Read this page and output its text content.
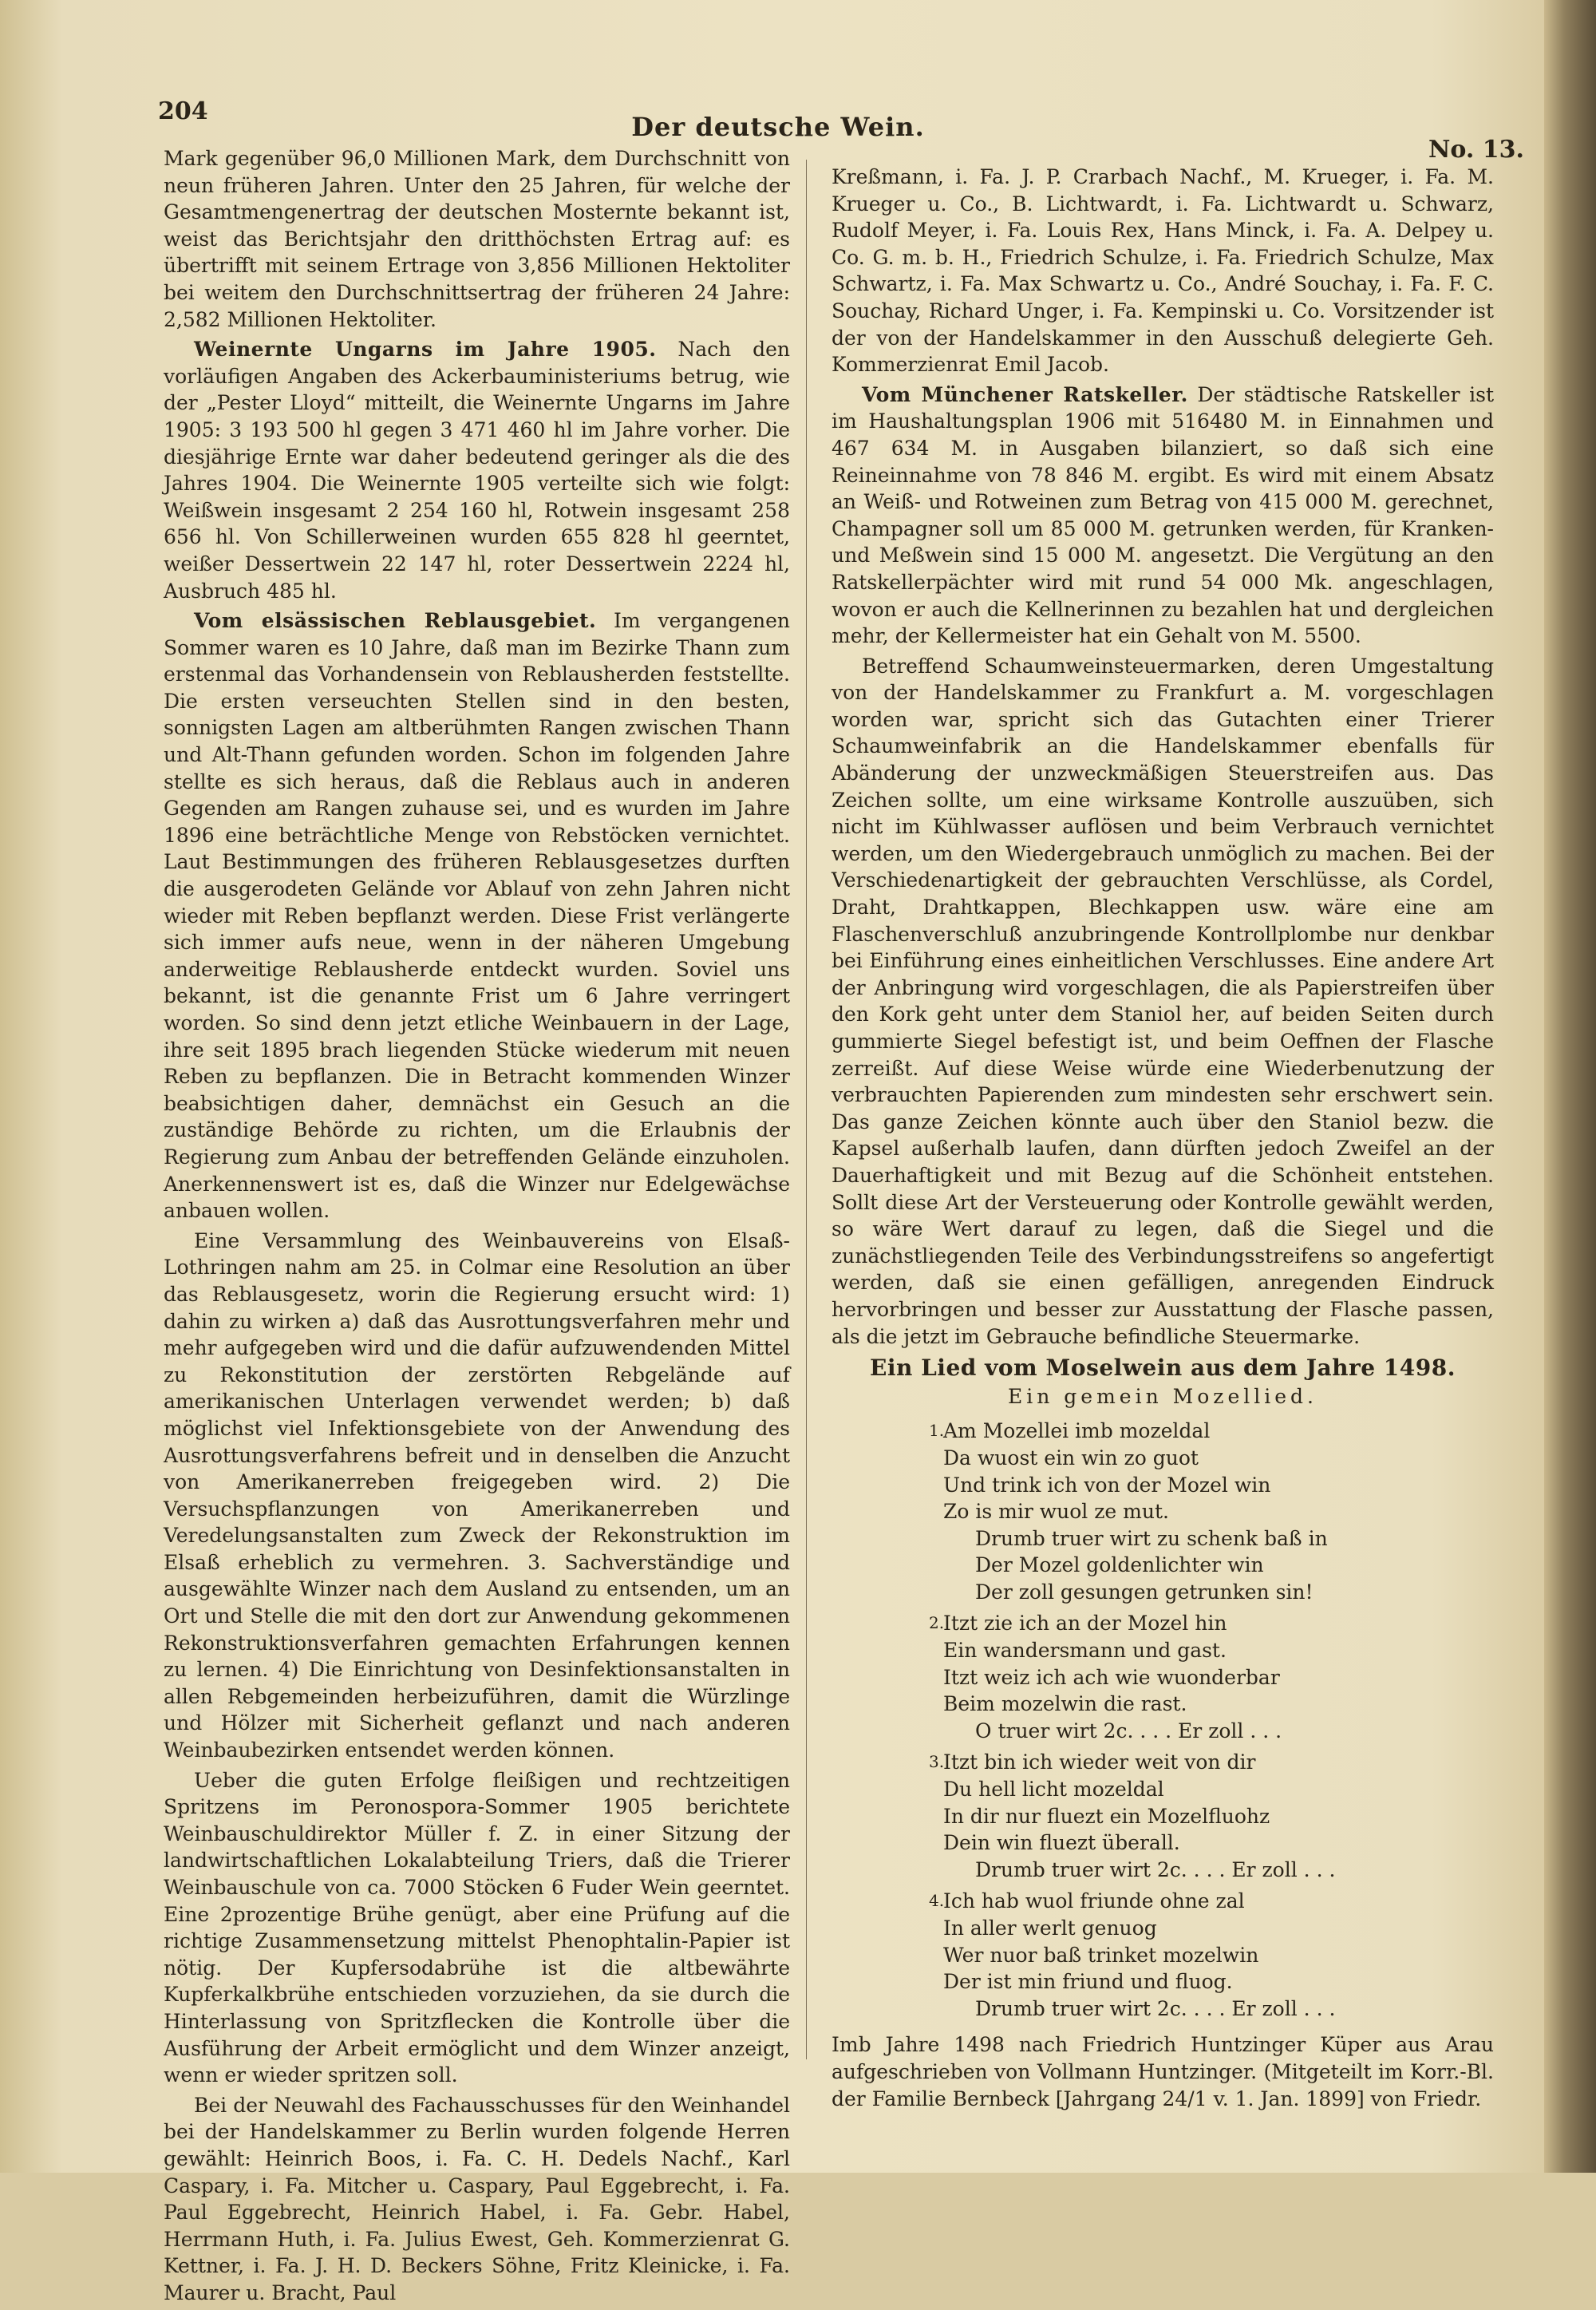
204
Der deutsche Wein.
No. 13.

Mark gegenüber 96,0 Millionen Mark, dem Durchschnitt von neun früheren Jahren. Unter den 25 Jahren, für welche der Gesamtmengenertrag der deutschen Mosternte bekannt ist, weist das Berichtsjahr den dritthöchsten Ertrag auf: es übertrifft mit seinem Ertrage von 3,856 Millionen Hektoliter bei weitem den Durchschnittsertrag der früheren 24 Jahre: 2,582 Millionen Hektoliter.

Weinernte Ungarns im Jahre 1905. Nach den vorläufigen Angaben des Ackerbauministeriums betrug, wie der „Pester Lloyd“ mitteilt, die Weinernte Ungarns im Jahre 1905: 3 193 500 hl gegen 3 471 460 hl im Jahre vorher. Die diesjährige Ernte war daher bedeutend geringer als die des Jahres 1904. Die Weinernte 1905 verteilte sich wie folgt: Weißwein insgesamt 2 254 160 hl, Rotwein insgesamt 258 656 hl. Von Schillerweinen wurden 655 828 hl geerntet, weißer Dessertwein 22 147 hl, roter Dessertwein 2224 hl, Ausbruch 485 hl.

Vom elsässischen Reblausgebiet. Im vergangenen Sommer waren es 10 Jahre, daß man im Bezirke Thann zum erstenmal das Vorhandensein von Reblausherden feststellte. Die ersten verseuchten Stellen sind in den besten, sonnigsten Lagen am altberühmten Rangen zwischen Thann und Alt-Thann gefunden worden. Schon im folgenden Jahre stellte es sich heraus, daß die Reblaus auch in anderen Gegenden am Rangen zuhause sei, und es wurden im Jahre 1896 eine beträchtliche Menge von Rebstöcken vernichtet. Laut Bestimmungen des früheren Reblausgesetzes durften die ausgerodeten Gelände vor Ablauf von zehn Jahren nicht wieder mit Reben bepflanzt werden. Diese Frist verlängerte sich immer aufs neue, wenn in der näheren Umgebung anderweitige Reblausherde entdeckt wurden. Soviel uns bekannt, ist die genannte Frist um 6 Jahre verringert worden. So sind denn jetzt etliche Weinbauern in der Lage, ihre seit 1895 brach liegenden Stücke wiederum mit neuen Reben zu bepflanzen. Die in Betracht kommenden Winzer beabsichtigen daher, demnächst ein Gesuch an die zuständige Behörde zu richten, um die Erlaubnis der Regierung zum Anbau der betreffenden Gelände einzuholen. Anerkennenswert ist es, daß die Winzer nur Edelgewächse anbauen wollen.

Eine Versammlung des Weinbauvereins von Elsaß-Lothringen nahm am 25. in Colmar eine Resolution an über das Reblausgesetz, worin die Regierung ersucht wird: 1) dahin zu wirken a) daß das Ausrottungsverfahren mehr und mehr aufgegeben wird und die dafür aufzuwendenden Mittel zu Rekonstitution der zerstörten Rebgelände auf amerikanischen Unterlagen verwendet werden; b) daß möglichst viel Infektionsgebiete von der Anwendung des Ausrottungsverfahrens befreit und in denselben die Anzucht von Amerikanerreben freigegeben wird. 2) Die Versuchspflanzungen von Amerikanerreben und Veredelungsanstalten zum Zweck der Rekonstruktion im Elsaß erheblich zu vermehren. 3. Sachverständige und ausgewählte Winzer nach dem Ausland zu entsenden, um an Ort und Stelle die mit den dort zur Anwendung gekommenen Rekonstruktionsverfahren gemachten Erfahrungen kennen zu lernen. 4) Die Einrichtung von Desinfektionsanstalten in allen Rebgemeinden herbeizuführen, damit die Würzlinge und Hölzer mit Sicherheit geflanzt und nach anderen Weinbaubezirken entsendet werden können.

Ueber die guten Erfolge fleißigen und rechtzeitigen Spritzens im Peronospora-Sommer 1905 berichtete Weinbauschuldirektor Müller f. Z. in einer Sitzung der landwirtschaftlichen Lokalabteilung Triers, daß die Trierer Weinbauschule von ca. 7000 Stöcken 6 Fuder Wein geerntet. Eine 2prozentige Brühe genügt, aber eine Prüfung auf die richtige Zusammensetzung mittelst Phenophtalin-Papier ist nötig. Der Kupfersodabrühe ist die altbewährte Kupferkalkbrühe entschieden vorzuziehen, da sie durch die Hinterlassung von Spritzflecken die Kontrolle über die Ausführung der Arbeit ermöglicht und dem Winzer anzeigt, wenn er wieder spritzen soll.

Bei der Neuwahl des Fachausschusses für den Weinhandel bei der Handelskammer zu Berlin wurden folgende Herren gewählt: Heinrich Boos, i. Fa. C. H. Dedels Nachf., Karl Caspary, i. Fa. Mitcher u. Caspary, Paul Eggebrecht, i. Fa. Paul Eggebrecht, Heinrich Habel, i. Fa. Gebr. Habel, Herrmann Huth, i. Fa. Julius Ewest, Geh. Kommerzienrat G. Kettner, i. Fa. J. H. D. Beckers Söhne, Fritz Kleinicke, i. Fa. Maurer u. Bracht, Paul

Kreßmann, i. Fa. J. P. Crarbach Nachf., M. Krueger, i. Fa. M. Krueger u. Co., B. Lichtwardt, i. Fa. Lichtwardt u. Schwarz, Rudolf Meyer, i. Fa. Louis Rex, Hans Minck, i. Fa. A. Delpey u. Co. G. m. b. H., Friedrich Schulze, i. Fa. Friedrich Schulze, Max Schwartz, i. Fa. Max Schwartz u. Co., André Souchay, i. Fa. F. C. Souchay, Richard Unger, i. Fa. Kempinski u. Co. Vorsitzender ist der von der Handelskammer in den Ausschuß delegierte Geh. Kommerzienrat Emil Jacob.

Vom Münchener Ratskeller. Der städtische Ratskeller ist im Haushaltungsplan 1906 mit 516480 M. in Einnahmen und 467 634 M. in Ausgaben bilanziert, so daß sich eine Reineinnahme von 78 846 M. ergibt. Es wird mit einem Absatz an Weiß- und Rotweinen zum Betrag von 415 000 M. gerechnet, Champagner soll um 85 000 M. getrunken werden, für Kranken- und Meßwein sind 15 000 M. angesetzt. Die Vergütung an den Ratskellerpächter wird mit rund 54 000 Mk. angeschlagen, wovon er auch die Kellnerinnen zu bezahlen hat und dergleichen mehr, der Kellermeister hat ein Gehalt von M. 5500.

Betreffend Schaumweinsteuermarken, deren Umgestaltung von der Handelskammer zu Frankfurt a. M. vorgeschlagen worden war, spricht sich das Gutachten einer Trierer Schaumweinfabrik an die Handelskammer ebenfalls für Abänderung der unzweckmäßigen Steuerstreifen aus. Das Zeichen sollte, um eine wirksame Kontrolle auszuüben, sich nicht im Kühlwasser auflösen und beim Verbrauch vernichtet werden, um den Wiedergebrauch unmöglich zu machen. Bei der Verschiedenartigkeit der gebrauchten Verschlüsse, als Cordel, Draht, Drahtkappen, Blechkappen usw. wäre eine am Flaschenverschluß anzubringende Kontrollplombe nur denkbar bei Einführung eines einheitlichen Verschlusses. Eine andere Art der Anbringung wird vorgeschlagen, die als Papierstreifen über den Kork geht unter dem Staniol her, auf beiden Seiten durch gummierte Siegel befestigt ist, und beim Oeffnen der Flasche zerreißt. Auf diese Weise würde eine Wiederbenutzung der verbrauchten Papierenden zum mindesten sehr erschwert sein. Das ganze Zeichen könnte auch über den Staniol bezw. die Kapsel außerhalb laufen, dann dürften jedoch Zweifel an der Dauerhaftigkeit und mit Bezug auf die Schönheit entstehen. Sollt diese Art der Versteuerung oder Kontrolle gewählt werden, so wäre Wert darauf zu legen, daß die Siegel und die zunächstliegenden Teile des Verbindungsstreifens so angefertigt werden, daß sie einen gefälligen, anregenden Eindruck hervorbringen und besser zur Ausstattung der Flasche passen, als die jetzt im Gebrauche befindliche Steuermarke.

Ein Lied vom Moselwein aus dem Jahre 1498.
Ein gemein Mozellied.
1.
Am Mozellei imb mozeldal
Da wuost ein win zo guot
Und trink ich von der Mozel win
Zo is mir wuol ze mut.
Drumb truer wirt zu schenk baß in
Der Mozel goldenlichter win
Der zoll gesungen getrunken sin!
2.
Itzt zie ich an der Mozel hin
Ein wandersmann und gast.
Itzt weiz ich ach wie wuonderbar
Beim mozelwin die rast.
O truer wirt 2c. . . . Er zoll . . .
3.
Itzt bin ich wieder weit von dir
Du hell licht mozeldal
In dir nur fluezt ein Mozelfluohz
Dein win fluezt überall.
Drumb truer wirt 2c. . . . Er zoll . . .
4.
Ich hab wuol friunde ohne zal
In aller werlt genuog
Wer nuor baß trinket mozelwin
Der ist min friund und fluog.
Drumb truer wirt 2c. . . . Er zoll . . .

Imb Jahre 1498 nach Friedrich Huntzinger Küper aus Arau aufgeschrieben von Vollmann Huntzinger. (Mitgeteilt im Korr.-Bl. der Familie Bernbeck [Jahrgang 24/1 v. 1. Jan. 1899] von Friedr.
